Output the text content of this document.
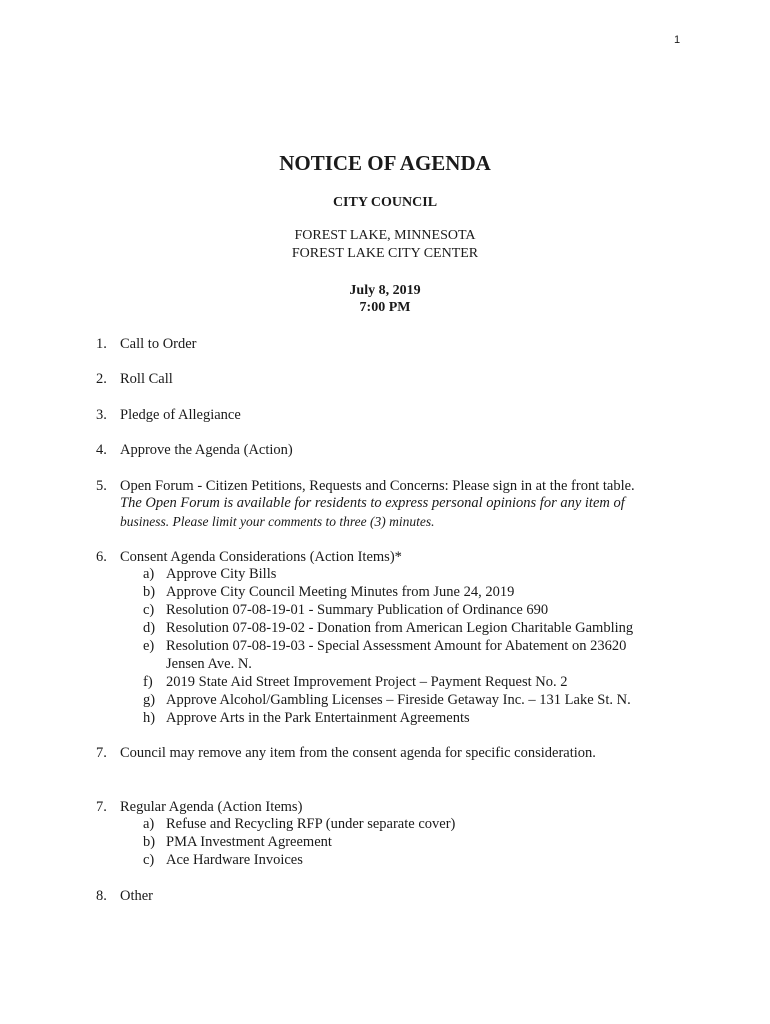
1
NOTICE OF AGENDA
CITY COUNCIL
FOREST LAKE, MINNESOTA
FOREST LAKE CITY CENTER
July 8, 2019
7:00 PM
1. Call to Order
2. Roll Call
3. Pledge of Allegiance
4. Approve the Agenda (Action)
5. Open Forum - Citizen Petitions, Requests and Concerns: Please sign in at the front table.
The Open Forum is available for residents to express personal opinions for any item of
business. Please limit your comments to three (3) minutes.
6. Consent Agenda Considerations (Action Items)*
a) Approve City Bills
b) Approve City Council Meeting Minutes from June 24, 2019
c) Resolution 07-08-19-01 - Summary Publication of Ordinance 690
d) Resolution 07-08-19-02 - Donation from American Legion Charitable Gambling
e) Resolution 07-08-19-03 - Special Assessment Amount for Abatement on 23620
Jensen Ave. N.
f) 2019 State Aid Street Improvement Project – Payment Request No. 2
g) Approve Alcohol/Gambling Licenses – Fireside Getaway Inc. – 131 Lake St. N.
h) Approve Arts in the Park Entertainment Agreements
7. Council may remove any item from the consent agenda for specific consideration.
7. Regular Agenda (Action Items)
a) Refuse and Recycling RFP (under separate cover)
b) PMA Investment Agreement
c) Ace Hardware Invoices
8. Other
